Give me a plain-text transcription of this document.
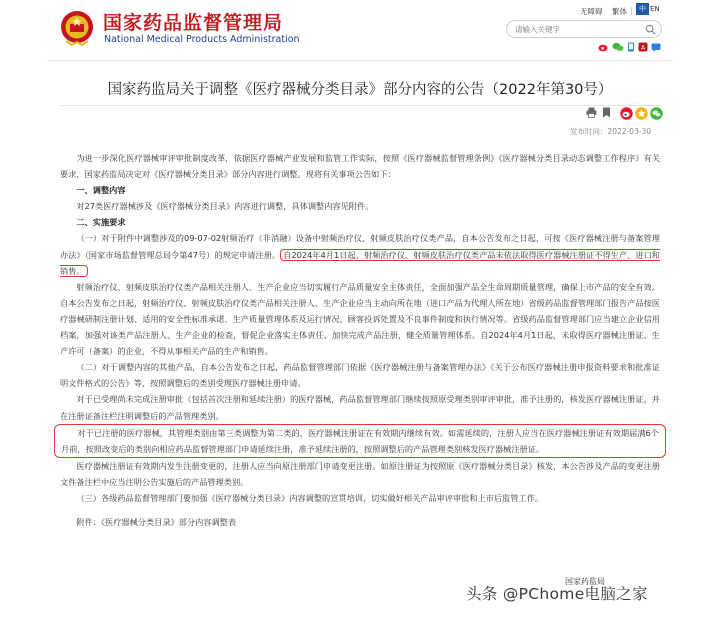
国家药品监督管理局
National Medical Products Administration
无障碍 繁体 | 中 EN
请输入关键字
A
国家药监局关于调整《医疗器械分类目录》部分内容的公告（2022年第30号）
发布时间：2022-03-30

为进一步深化医疗器械审评审批制度改革，依据医疗器械产业发展和监管工作实际，按照《医疗器械监督管理条例》《医疗器械分类目录动态调整工作程序》有关要求，国家药监局决定对《医疗器械分类目录》部分内容进行调整。现将有关事项公告如下：

一、调整内容

对27类医疗器械涉及《医疗器械分类目录》内容进行调整，具体调整内容见附件。

二、实施要求

（一）对于附件中调整涉及的09-07-02射频治疗（非消融）设备中射频治疗仪、射频皮肤治疗仪类产品，自本公告发布之日起，可按《医疗器械注册与备案管理办法》（国家市场监督管理总局令第47号）的规定申请注册。 自2024年4月1日起，射频治疗仪、射频皮肤治疗仪类产品未依法取得医疗器械注册证不得生产、进口和销售。

射频治疗仪、射频皮肤治疗仪类产品相关注册人、生产企业应当切实履行产品质量安全主体责任，全面加强产品全生命周期质量管理，确保上市产品的安全有效。自本公告发布之日起，射频治疗仪、射频皮肤治疗仪类产品相关注册人、生产企业应当主动向所在地（进口产品为代理人所在地）省级药品监督管理部门报告产品按医疗器械研制注册计划、适用的安全性标准承诺、生产质量管理体系及运行情况、顾客投诉处置及不良事件制度和执行情况等。省级药品监督管理部门应当建立企业信用档案，加强对该类产品注册人、生产企业的检查，督促企业落实主体责任、加快完成产品注册，健全质量管理体系。自2024年4月1日起，未取得医疗器械注册证、生产许可（备案）的企业，不得从事相关产品的生产和销售。

（二）对于调整内容的其他产品，自本公告发布之日起，药品监督管理部门依据《医疗器械注册与备案管理办法》《关于公布医疗器械注册申报资料要求和批准证明文件格式的公告》等，按照调整后的类别受理医疗器械注册申请。

对于已受理尚未完成注册审批（包括首次注册和延续注册）的医疗器械，药品监督管理部门继续按照原受理类别审评审批，准予注册的，核发医疗器械注册证，并在注册证备注栏注明调整后的产品管理类别。

对于已注册的医疗器械，其管理类别由第三类调整为第二类的，医疗器械注册证在有效期内继续有效。如需延续的，注册人应当在医疗器械注册证有效期届满6个月前，按照改变后的类别向相应药品监督管理部门申请延续注册，准予延续注册的，按照调整后的产品管理类别核发医疗器械注册证。

医疗器械注册证有效期内发生注册变更的，注册人应当向原注册部门申请变更注册。如原注册证为按照原《医疗器械分类目录》核发，本公告涉及产品的变更注册文件备注栏中应当注明公告实施后的产品管理类别。

（三）各级药品监督管理部门要加强《医疗器械分类目录》内容调整的宣贯培训，切实做好相关产品审评审批和上市后监管工作。

附件：《医疗器械分类目录》部分内容调整表

国家药监局
头条 @PChome电脑之家
